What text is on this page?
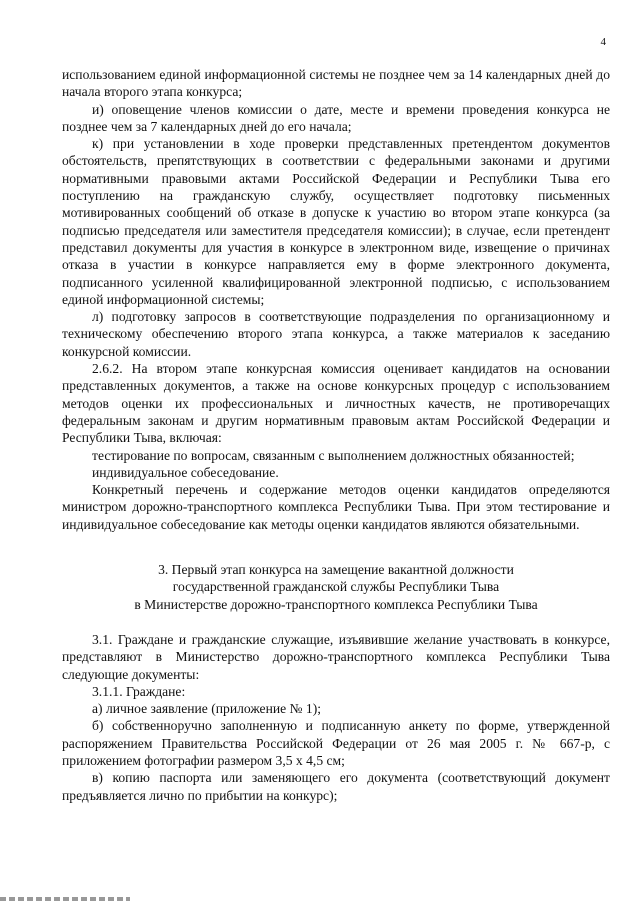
4

использованием единой информационной системы не позднее чем за 14 календарных дней до начала второго этапа конкурса;

и) оповещение членов комиссии о дате, месте и времени проведения конкурса не позднее чем за 7 календарных дней до его начала;

к) при установлении в ходе проверки представленных претендентом документов обстоятельств, препятствующих в соответствии с федеральными законами и другими нормативными правовыми актами Российской Федерации и Республики Тыва его поступлению на гражданскую службу, осуществляет подготовку письменных мотивированных сообщений об отказе в допуске к участию во втором этапе конкурса (за подписью председателя или заместителя председателя комиссии); в случае, если претендент представил документы для участия в конкурсе в электронном виде, извещение о причинах отказа в участии в конкурсе направляется ему в форме электронного документа, подписанного усиленной квалифицированной электронной подписью, с использованием единой информационной системы;

л) подготовку запросов в соответствующие подразделения по организационному и техническому обеспечению второго этапа конкурса, а также материалов к заседанию конкурсной комиссии.

2.6.2. На втором этапе конкурсная комиссия оценивает кандидатов на основании представленных документов, а также на основе конкурсных процедур с использованием методов оценки их профессиональных и личностных качеств, не противоречащих федеральным законам и другим нормативным правовым актам Российской Федерации и Республики Тыва, включая:

тестирование по вопросам, связанным с выполнением должностных обязанностей;

индивидуальное собеседование.

Конкретный перечень и содержание методов оценки кандидатов определяются министром дорожно-транспортного комплекса Республики Тыва. При этом тестирование и индивидуальное собеседование как методы оценки кандидатов являются обязательными.

3. Первый этап конкурса на замещение вакантной должности

государственной гражданской службы Республики Тыва

в Министерстве дорожно-транспортного комплекса Республики Тыва

3.1. Граждане и гражданские служащие, изъявившие желание участвовать в конкурсе, представляют в Министерство дорожно-транспортного комплекса Республики Тыва следующие документы:

3.1.1. Граждане:

а) личное заявление (приложение № 1);

б) собственноручно заполненную и подписанную анкету по форме, утвержденной распоряжением Правительства Российской Федерации от 26 мая 2005 г. № 667-р, с приложением фотографии размером 3,5 х 4,5 см;

в) копию паспорта или заменяющего его документа (соответствующий документ предъявляется лично по прибытии на конкурс);
